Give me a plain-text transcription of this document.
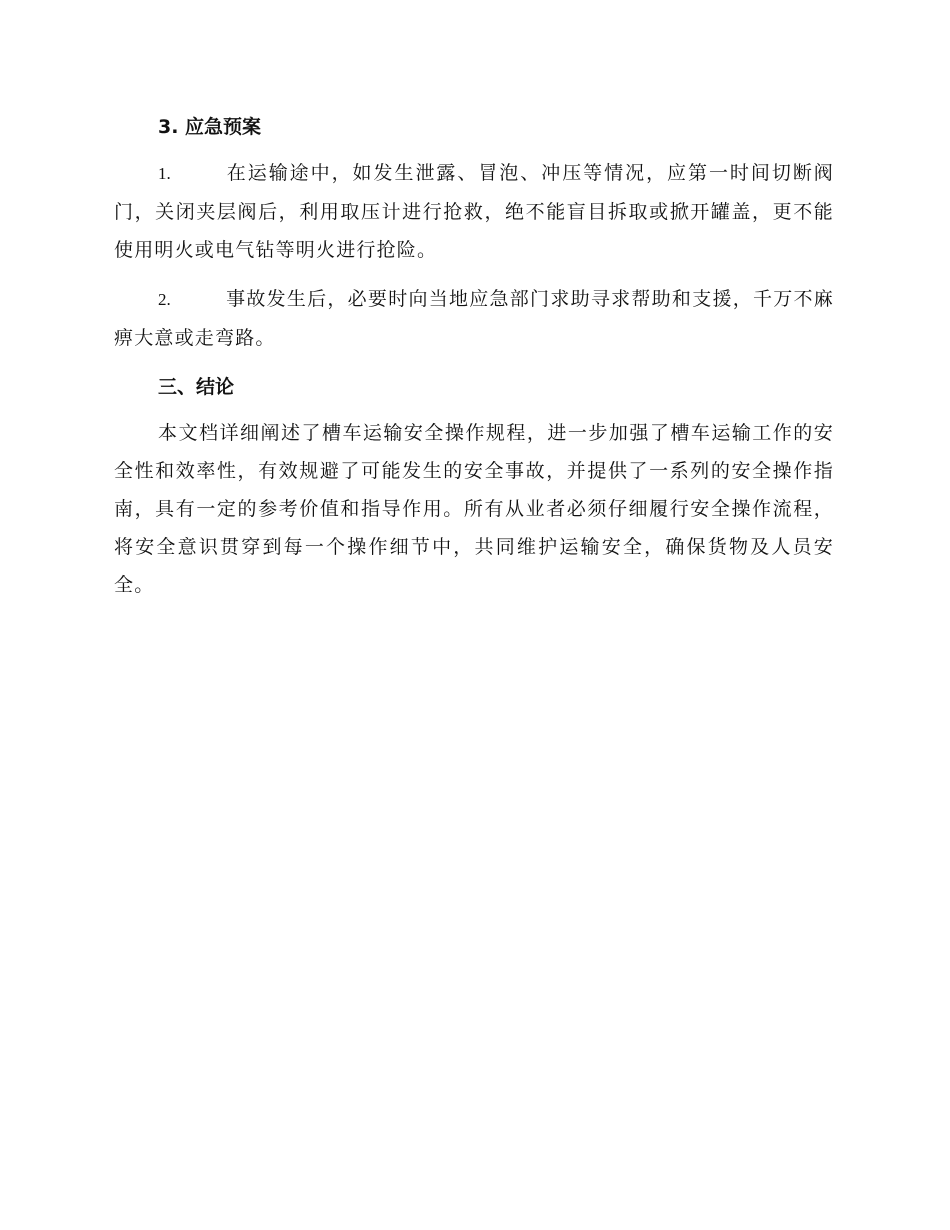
3. 应急预案
1.	在运输途中，如发生泄露、冒泡、冲压等情况，应第一时间切断阀门，关闭夹层阀后，利用取压计进行抢救，绝不能盲目拆取或掀开罐盖，更不能使用明火或电气钻等明火进行抢险。
2.	事故发生后，必要时向当地应急部门求助寻求帮助和支援，千万不麻痹大意或走弯路。
三、结论

本文档详细阐述了槽车运输安全操作规程，进一步加强了槽车运输工作的安全性和效率性，有效规避了可能发生的安全事故，并提供了一系列的安全操作指南，具有一定的参考价值和指导作用。所有从业者必须仔细履行安全操作流程，将安全意识贯穿到每一个操作细节中，共同维护运输安全，确保货物及人员安全。
